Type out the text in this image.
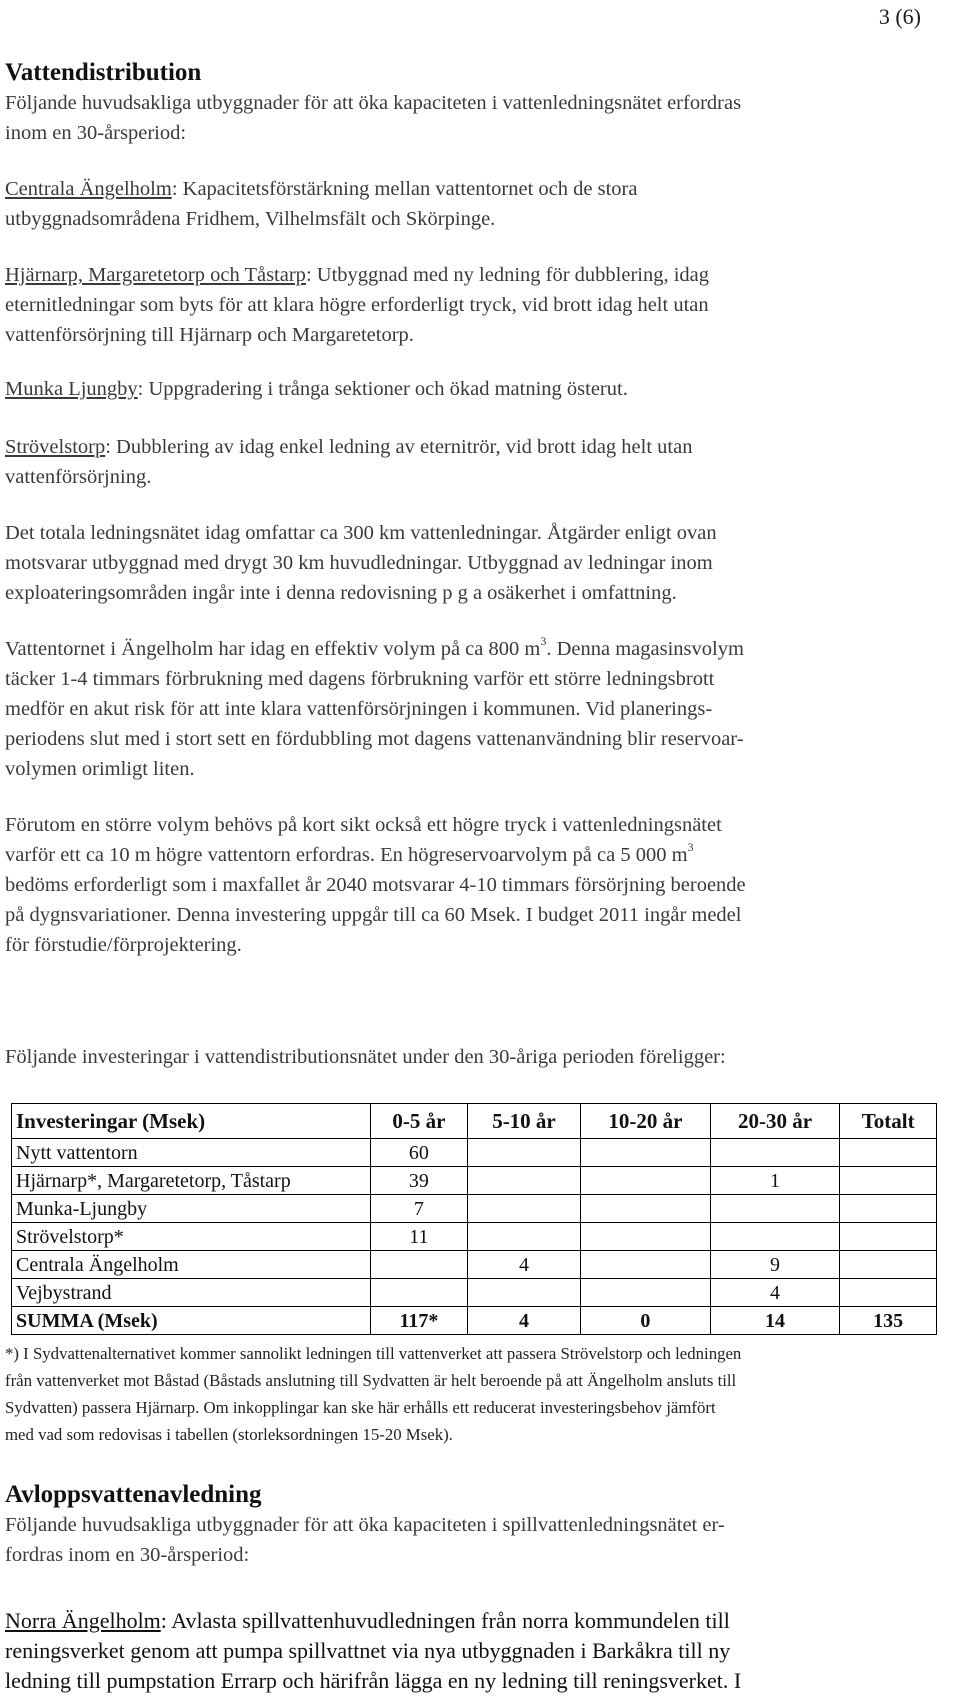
3 (6)
Vattendistribution
Följande huvudsakliga utbyggnader för att öka kapaciteten i vattenledningsnätet erfordras
inom en 30-årsperiod:
Centrala Ängelholm: Kapacitetsförstärkning mellan vattentornet och de stora
utbyggnadsområdena Fridhem, Vilhelmsfält och Skörpinge.
Hjärnarp, Margaretetorp och Tåstarp: Utbyggnad med ny ledning för dubblering, idag
eternitledningar som byts för att klara högre erforderligt tryck, vid brott idag helt utan
vattenförsörjning till Hjärnarp och Margaretetorp.
Munka Ljungby: Uppgradering i trånga sektioner och ökad matning österut.
Strövelstorp: Dubblering av idag enkel ledning av eternitrör, vid brott idag helt utan
vattenförsörjning.
Det totala ledningsnätet idag omfattar ca 300 km vattenledningar. Åtgärder enligt ovan
motsvarar utbyggnad med drygt 30 km huvudledningar. Utbyggnad av ledningar inom
exploateringsområden ingår inte i denna redovisning p g a osäkerhet i omfattning.
Vattentornet i Ängelholm har idag en effektiv volym på ca 800 $m^3$. Denna magasinsvolym
täcker 1-4 timmars förbrukning med dagens förbrukning varför ett större ledningsbrott
medför en akut risk för att inte klara vattenförsörjningen i kommunen. Vid planerings-
periodens slut med i stort sett en fördubbling mot dagens vattenanvändning blir reservoar-
volymen orimligt liten.
Förutom en större volym behövs på kort sikt också ett högre tryck i vattenledningsnätet
varför ett ca 10 m högre vattentorn erfordras. En högreservoarvolym på ca 5 000 $m^3$
bedöms erforderligt som i maxfallet år 2040 motsvarar 4-10 timmars försörjning beroende
på dygnsvariationer. Denna investering uppgår till ca 60 Msek. I budget 2011 ingår medel
för förstudie/förprojektering.
Följande investeringar i vattendistributionsnätet under den 30-åriga perioden föreligger:
Investeringar (Msek)	0-5 år	5-10 år	10-20 år	20-30 år	Totalt
Nytt vattentorn	60				
Hjärnarp*, Margaretetorp, Tåstarp	39			1	
Munka-Ljungby	7				
Strövelstorp*	11				
Centrala Ängelholm		4		9	
Vejbystrand				4	
SUMMA (Msek)	117*	4	0	14	135
*) I Sydvattenalternativet kommer sannolikt ledningen till vattenverket att passera Strövelstorp och ledningen
från vattenverket mot Båstad (Båstads anslutning till Sydvatten är helt beroende på att Ängelholm ansluts till
Sydvatten) passera Hjärnarp. Om inkopplingar kan ske här erhålls ett reducerat investeringsbehov jämfört
med vad som redovisas i tabellen (storleksordningen 15-20 Msek).
Avloppsvattenavledning
Följande huvudsakliga utbyggnader för att öka kapaciteten i spillvattenledningsnätet er-
fordras inom en 30-årsperiod:
Norra Ängelholm: Avlasta spillvattenhuvudledningen från norra kommundelen till
reningsverket genom att pumpa spillvattnet via nya utbyggnaden i Barkåkra till ny
ledning till pumpstation Errarp och härifrån lägga en ny ledning till reningsverket. I
